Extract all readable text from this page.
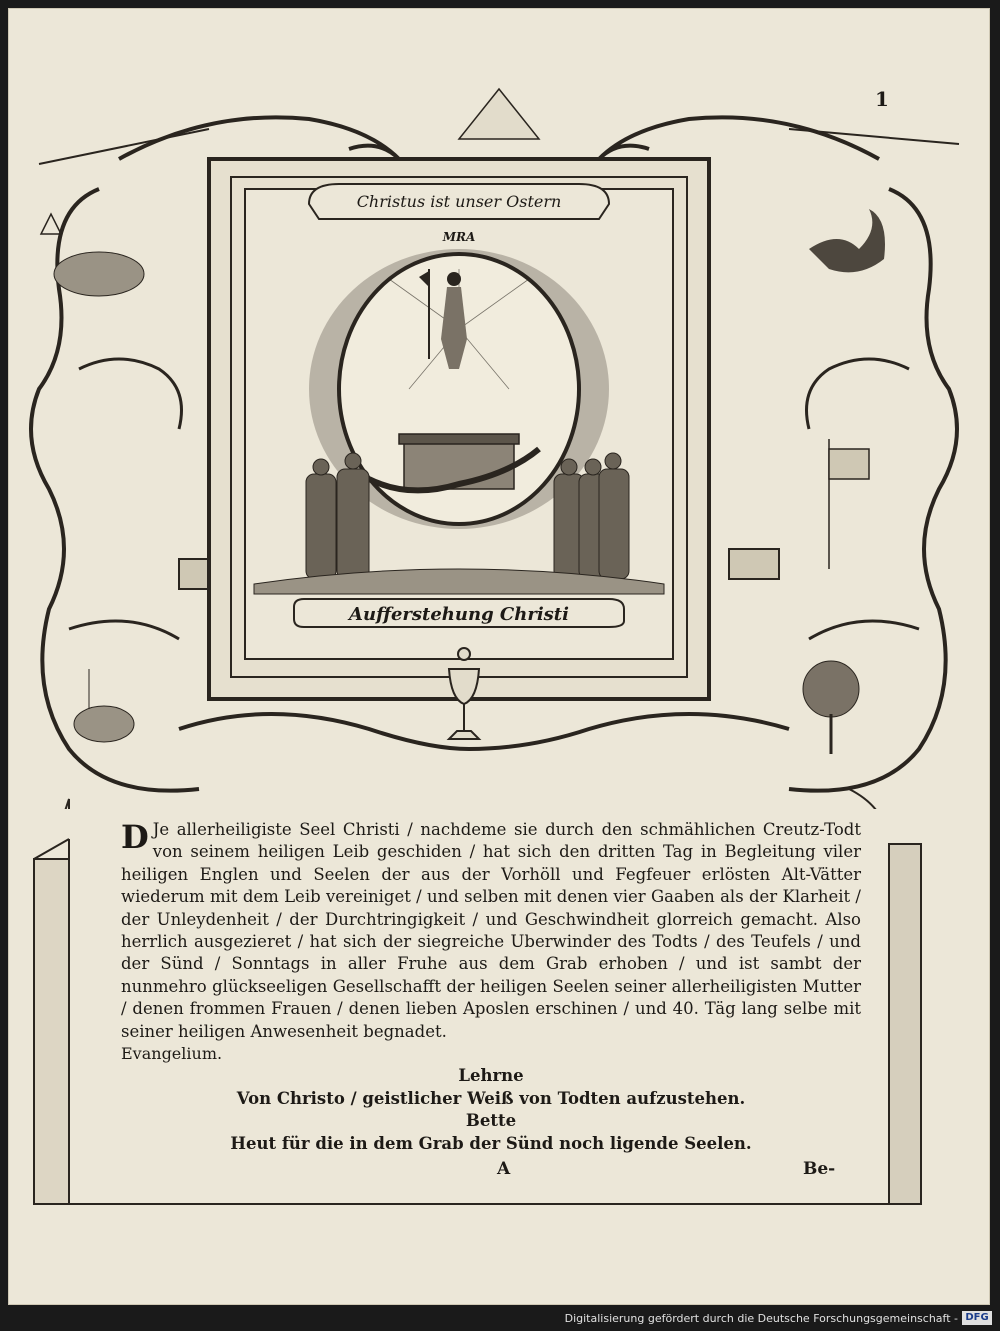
1
Christus ist unser Ostern
MRA
Aufferstehung Christi

DJe allerheiligiste Seel Christi / nachdeme sie durch den schmählichen Creutz-Todt von seinem heiligen Leib geschiden / hat sich den dritten Tag in Begleitung viler heiligen Englen und Seelen der aus der Vorhöll und Fegfeuer erlösten Alt-Vätter wiederum mit dem Leib vereiniget / und selben mit denen vier Gaaben als der Klarheit / der Unleydenheit / der Durchtringigkeit / und Geschwindheit glorreich gemacht. Also herrlich ausgezieret / hat sich der siegreiche Uberwinder des Todts / des Teufels / und der Sünd / Sonntags in aller Fruhe aus dem Grab erhoben / und ist sambt der nunmehro glückseeligen Gesellschafft der heiligen Seelen seiner allerheiligisten Mutter / denen frommen Frauen / denen lieben Aposlen erschinen / und 40. Täg lang selbe mit seiner heiligen Anwesenheit begnadet.

Evangelium.

Lehrne

Von Christo / geistlicher Weiß von Todten aufzustehen.

Bette

Heut für die in dem Grab der Sünd noch ligende Seelen.

A	Be-
Digitalisierung gefördert durch die Deutsche Forschungsgemeinschaft - DFG
